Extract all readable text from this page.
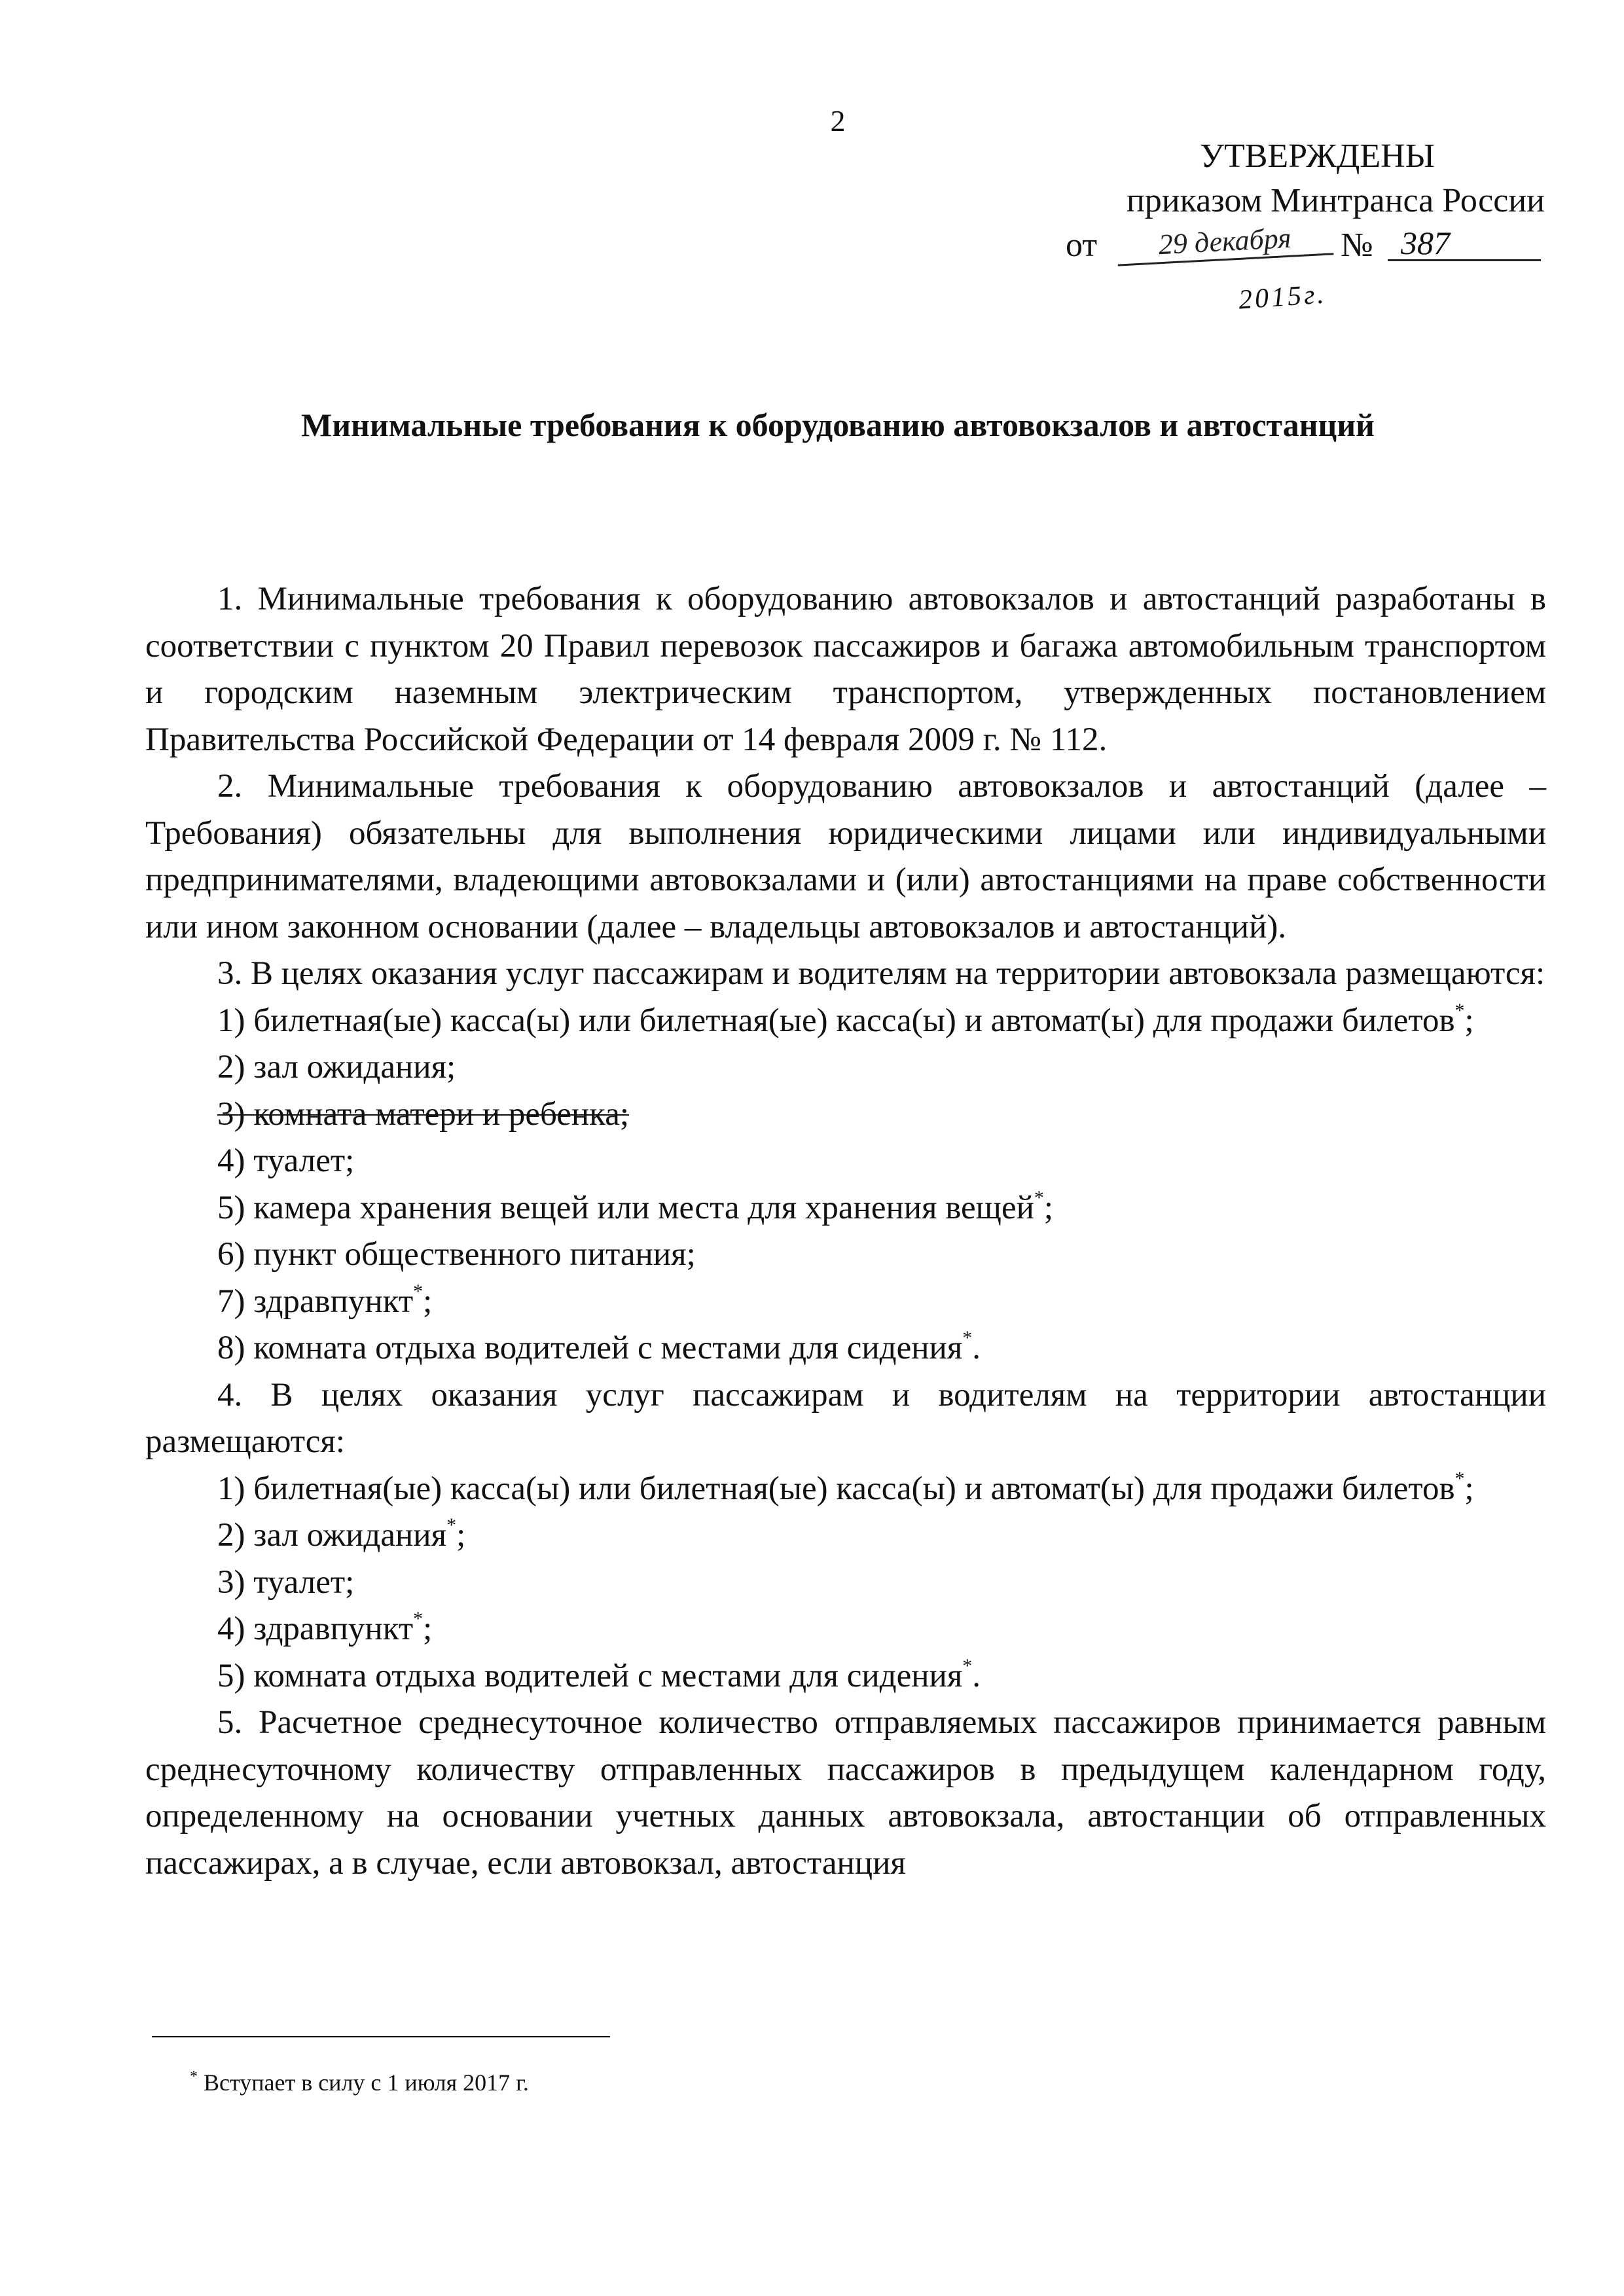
2
УТВЕРЖДЕНЫ
приказом Минтранса России
от	29 декабря	№ 387
2015г.
Минимальные требования к оборудованию автовокзалов и автостанций

1. Минимальные требования к оборудованию автовокзалов и автостанций разработаны в соответствии с пунктом 20 Правил перевозок пассажиров и багажа автомобильным транспортом и городским наземным электрическим транспортом, утвержденных постановлением Правительства Российской Федерации от 14 февраля 2009 г. № 112.

2. Минимальные требования к оборудованию автовокзалов и автостанций (далее – Требования) обязательны для выполнения юридическими лицами или индивидуальными предпринимателями, владеющими автовокзалами и (или) автостанциями на праве собственности или ином законном основании (далее – владельцы автовокзалов и автостанций).

3. В целях оказания услуг пассажирам и водителям на территории автовокзала размещаются:

1) билетная(ые) касса(ы) или билетная(ые) касса(ы) и автомат(ы) для продажи билетов*;

2) зал ожидания;

3) комната матери и ребенка;

4) туалет;

5) камера хранения вещей или места для хранения вещей*;

6) пункт общественного питания;

7) здравпункт*;

8) комната отдыха водителей с местами для сидения*.

4. В целях оказания услуг пассажирам и водителям на территории автостанции размещаются:

1) билетная(ые) касса(ы) или билетная(ые) касса(ы) и автомат(ы) для продажи билетов*;

2) зал ожидания*;

3) туалет;

4) здравпункт*;

5) комната отдыха водителей с местами для сидения*.

5. Расчетное среднесуточное количество отправляемых пассажиров принимается равным среднесуточному количеству отправленных пассажиров в предыдущем календарном году, определенному на основании учетных данных автовокзала, автостанции об отправленных пассажирах, а в случае, если автовокзал, автостанция

* Вступает в силу с 1 июля 2017 г.
